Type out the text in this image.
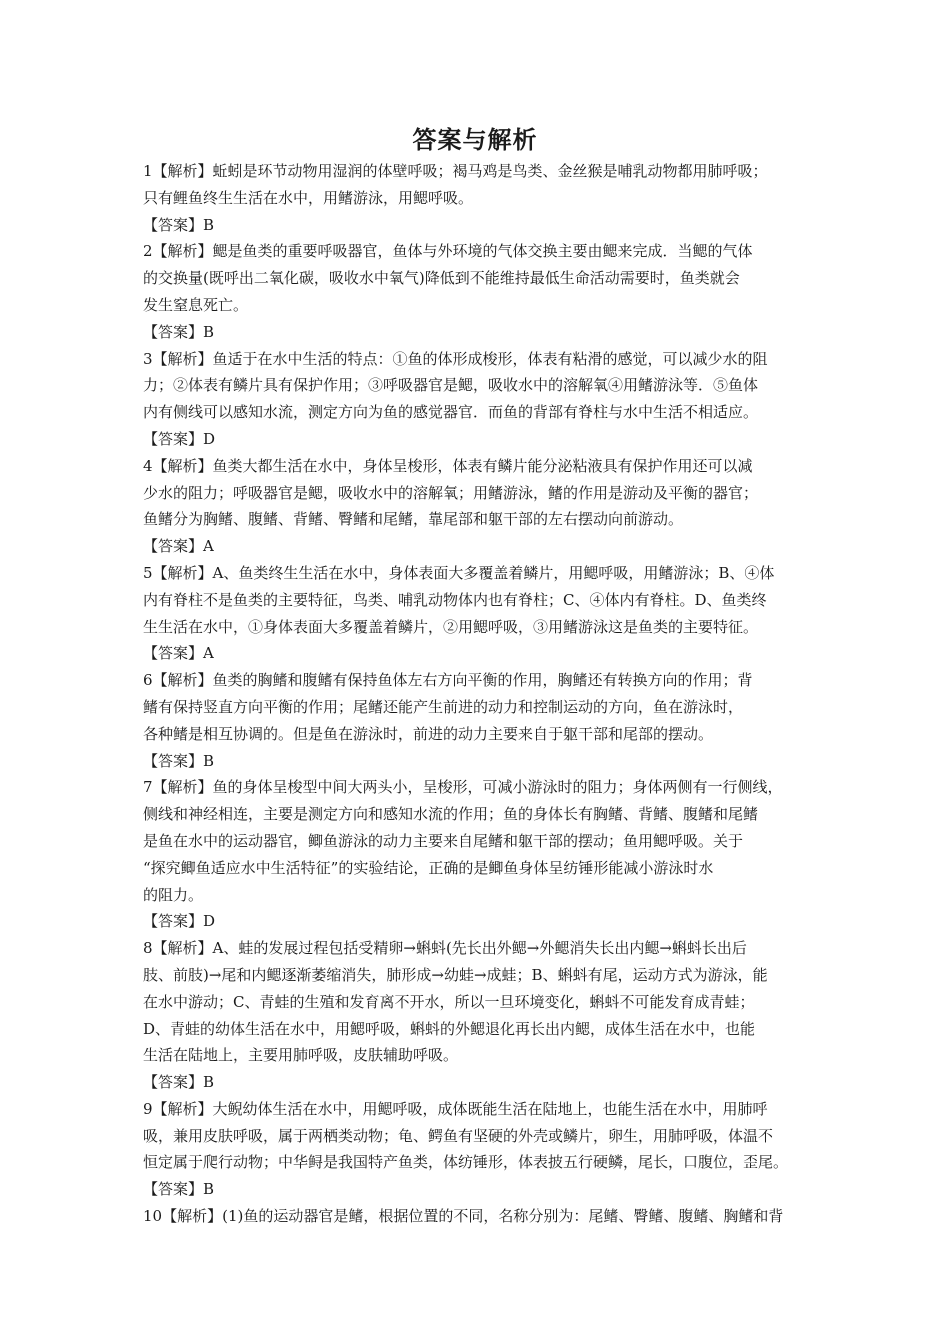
答案与解析
1【解析】蚯蚓是环节动物用湿润的体壁呼吸；褐马鸡是鸟类、金丝猴是哺乳动物都用肺呼吸；
只有鲤鱼终生生活在水中，用鳍游泳，用鳃呼吸。
【答案】B
2【解析】鳃是鱼类的重要呼吸器官，鱼体与外环境的气体交换主要由鳃来完成．当鳃的气体
的交换量(既呼出二氧化碳，吸收水中氧气)降低到不能维持最低生命活动需要时，鱼类就会
发生窒息死亡。
【答案】B
3【解析】鱼适于在水中生活的特点：①鱼的体形成梭形，体表有粘滑的感觉，可以减少水的阻
力；②体表有鳞片具有保护作用；③呼吸器官是鳃，吸收水中的溶解氧④用鳍游泳等．⑤鱼体
内有侧线可以感知水流，测定方向为鱼的感觉器官．而鱼的背部有脊柱与水中生活不相适应。
【答案】D
4【解析】鱼类大都生活在水中，身体呈梭形，体表有鳞片能分泌粘液具有保护作用还可以减
少水的阻力；呼吸器官是鳃，吸收水中的溶解氧；用鳍游泳，鳍的作用是游动及平衡的器官；
鱼鳍分为胸鳍、腹鳍、背鳍、臀鳍和尾鳍，靠尾部和躯干部的左右摆动向前游动。
【答案】A
5【解析】A、鱼类终生生活在水中，身体表面大多覆盖着鳞片，用鳃呼吸，用鳍游泳；B、④体
内有脊柱不是鱼类的主要特征，鸟类、哺乳动物体内也有脊柱；C、④体内有脊柱。D、鱼类终
生生活在水中，①身体表面大多覆盖着鳞片，②用鳃呼吸，③用鳍游泳这是鱼类的主要特征。
【答案】A
6【解析】鱼类的胸鳍和腹鳍有保持鱼体左右方向平衡的作用，胸鳍还有转换方向的作用；背
鳍有保持竖直方向平衡的作用；尾鳍还能产生前进的动力和控制运动的方向，鱼在游泳时，
各种鳍是相互协调的。但是鱼在游泳时，前进的动力主要来自于躯干部和尾部的摆动。
【答案】B
7【解析】鱼的身体呈梭型中间大两头小，呈梭形，可减小游泳时的阻力；身体两侧有一行侧线，
侧线和神经相连，主要是测定方向和感知水流的作用；鱼的身体长有胸鳍、背鳍、腹鳍和尾鳍
是鱼在水中的运动器官，鲫鱼游泳的动力主要来自尾鳍和躯干部的摆动；鱼用鳃呼吸。关于
“探究鲫鱼适应水中生活特征”的实验结论，正确的是鲫鱼身体呈纺锤形能减小游泳时水
的阻力。
【答案】D
8【解析】A、蛙的发展过程包括受精卵→蝌蚪(先长出外鳃→外鳃消失长出内鳃→蝌蚪长出后
肢、前肢)→尾和内鳃逐渐萎缩消失，肺形成→幼蛙→成蛙；B、蝌蚪有尾，运动方式为游泳，能
在水中游动；C、青蛙的生殖和发育离不开水，所以一旦环境变化，蝌蚪不可能发育成青蛙；
D、青蛙的幼体生活在水中，用鳃呼吸，蝌蚪的外鳃退化再长出内鳃，成体生活在水中，也能
生活在陆地上，主要用肺呼吸，皮肤辅助呼吸。
【答案】B
9【解析】大鲵幼体生活在水中，用鳃呼吸，成体既能生活在陆地上，也能生活在水中，用肺呼
吸，兼用皮肤呼吸，属于两栖类动物；龟、鳄鱼有坚硬的外壳或鳞片，卵生，用肺呼吸，体温不
恒定属于爬行动物；中华鲟是我国特产鱼类，体纺锤形，体表披五行硬鳞，尾长，口腹位，歪尾。
【答案】B
10【解析】(1)鱼的运动器官是鳍，根据位置的不同，名称分别为：尾鳍、臀鳍、腹鳍、胸鳍和背
